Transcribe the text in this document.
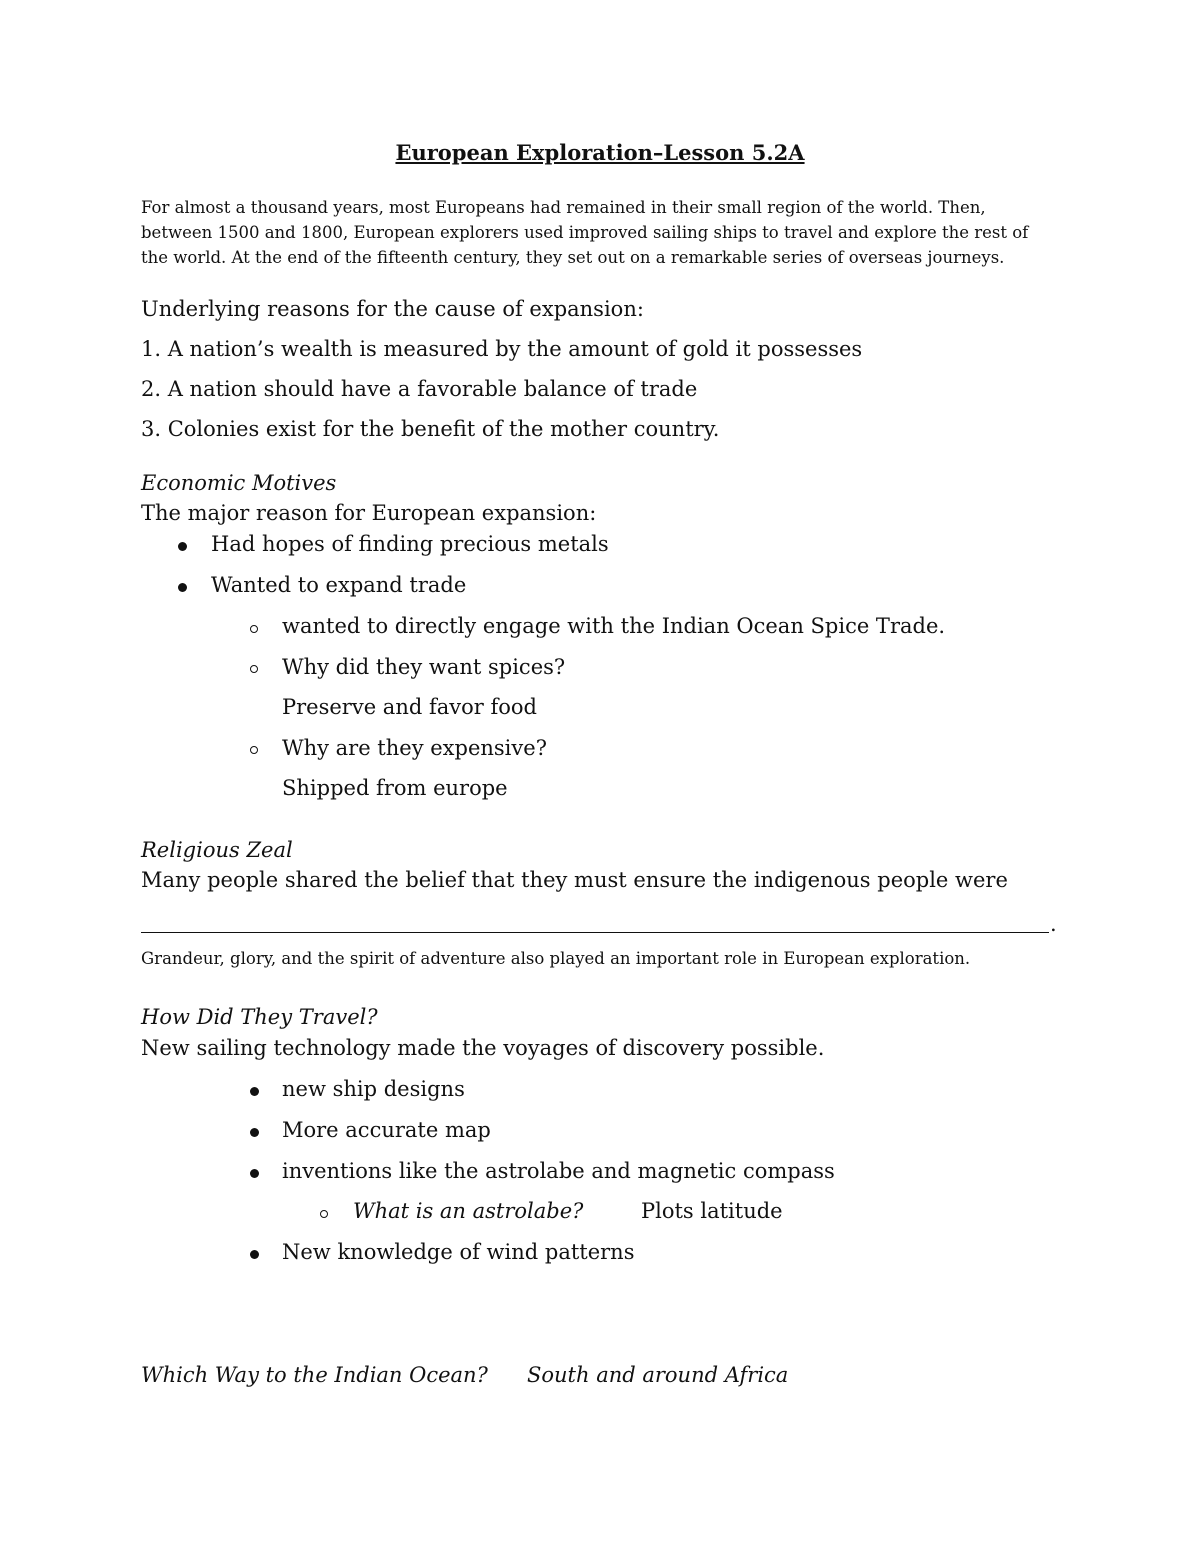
European Exploration–Lesson 5.2A

For almost a thousand years, most Europeans had remained in their small region of the world. Then,

between 1500 and 1800, European explorers used improved sailing ships to travel and explore the rest of

the world. At the end of the fifteenth century, they set out on a remarkable series of overseas journeys.

Underlying reasons for the cause of expansion:
1. A nation’s wealth is measured by the amount of gold it possesses
2. A nation should have a favorable balance of trade
3. Colonies exist for the benefit of the mother country.
Economic Motives
The major reason for European expansion:
Had hopes of finding precious metals
Wanted to expand trade
wanted to directly engage with the Indian Ocean Spice Trade.
Why did they want spices?
Preserve and favor food
Why are they expensive?
Shipped from europe
Religious Zeal
Many people shared the belief that they must ensure the indigenous people were
.
Grandeur, glory, and the spirit of adventure also played an important role in European exploration.
How Did They Travel?
New sailing technology made the voyages of discovery possible.
new ship designs
More accurate map
inventions like the astrolabe and magnetic compass
What is an astrolabe?	Plots latitude
New knowledge of wind patterns
Which Way to the Indian Ocean? South and around Africa
